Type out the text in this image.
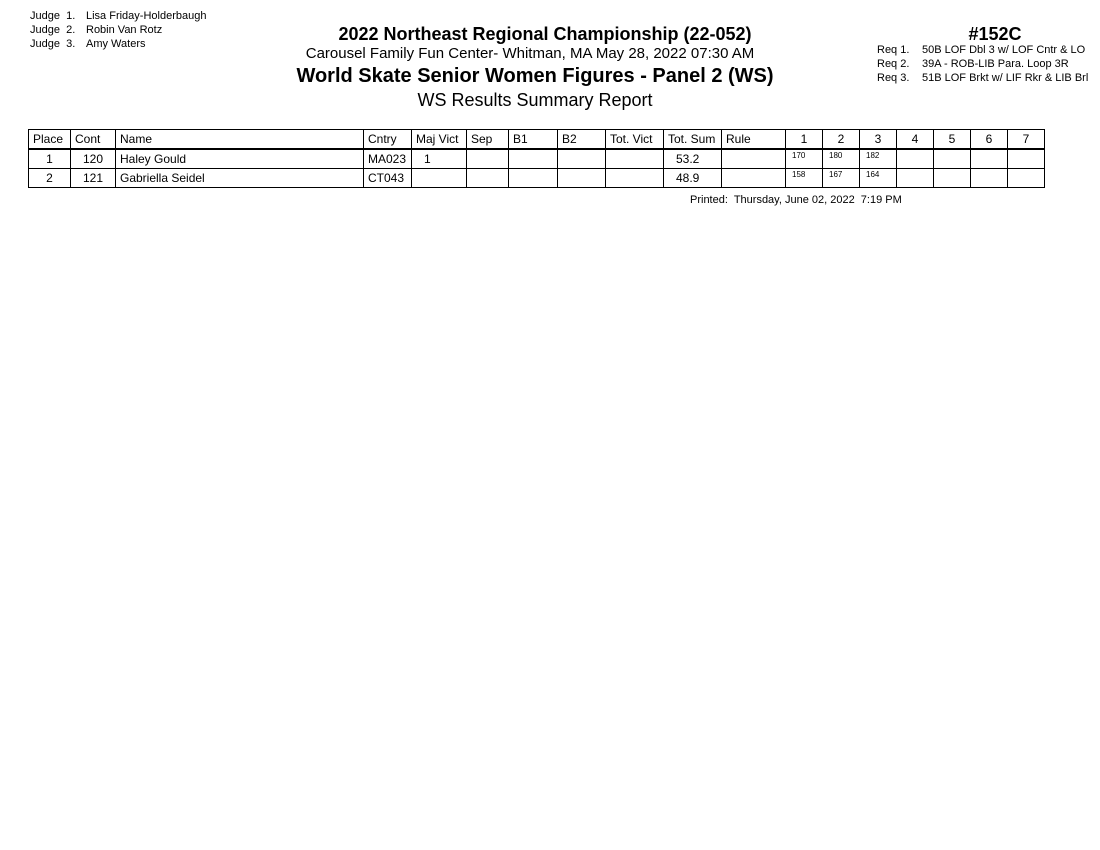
Judge  1. Lisa Friday-Holderbaugh
Judge  2. Robin Van Rotz
Judge  3. Amy Waters	2022 Northeast Regional Championship (22-052)
Carousel Family Fun Center- Whitman, MA May 28, 2022 07:30 AM
World Skate Senior Women Figures - Panel 2 (WS)
WS Results Summary Report
#152C
Req 1. 50B LOF Dbl 3 w/ LOF Cntr & LO
Req 2. 39A - ROB-LIB Para. Loop 3R
Req 3. 51B LOF Brkt w/ LIF Rkr & LIB Brl
Place	Cont	Name	Cntry	Maj Vict	Sep	B1	B2	Tot. Vict	Tot. Sum	Rule	1	2	3	4	5	6	7
1	120	Haley Gould	MA023	1					53.2		170	180	182				
2	121	Gabriella Seidel	CT043						48.9		158	167	164				
Printed:  Thursday, June 02, 2022  7:19 PM
